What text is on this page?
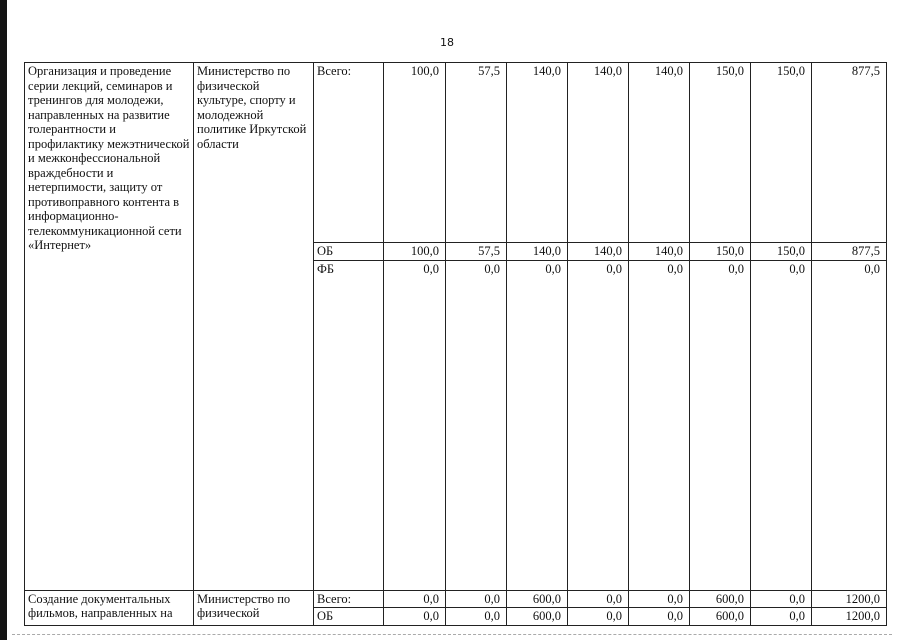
18
Организация и проведение серии лекций, семинаров и тренингов для молодежи, направленных на развитие толерантности и профилактику межэтнической и межконфессиональной враждебности и нетерпимости, защиту от противоправного контента в информационно-телекоммуникационной сети «Интернет»	Министерство по физической культуре, спорту и молодежной политике Иркутской области	Всего:	100,0	57,5	140,0	140,0	140,0	150,0	150,0	877,5
		ОБ	100,0	57,5	140,0	140,0	140,0	150,0	150,0	877,5
		ФБ	0,0	0,0	0,0	0,0	0,0	0,0	0,0	0,0
Создание документальных фильмов, направленных на	Министерство по физической	Всего:	0,0	0,0	600,0	0,0	0,0	600,0	0,0	1200,0
		ОБ	0,0	0,0	600,0	0,0	0,0	600,0	0,0	1200,0
